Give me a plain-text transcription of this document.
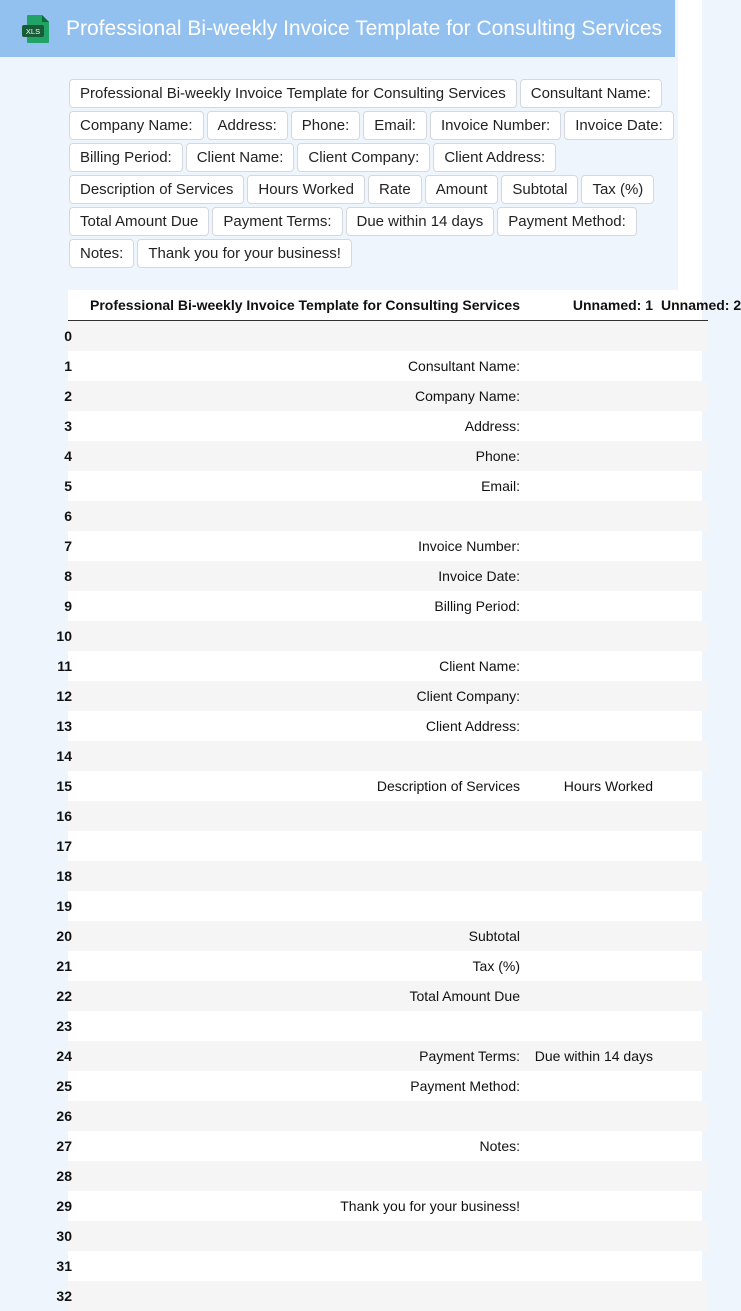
XLS Professional Bi-weekly Invoice Template for Consulting Services
Professional Bi-weekly Invoice Template for Consulting Services	Consultant Name:
Company Name:	Address:	Phone:	Email:	Invoice Number:	Invoice Date:
Billing Period:	Client Name:	Client Company:	Client Address:
Description of Services	Hours Worked	Rate	Amount	Subtotal	Tax (%)
Total Amount Due	Payment Terms:	Due within 14 days	Payment Method:
Notes:	Thank you for your business!
	Professional Bi-weekly Invoice Template for Consulting Services	Unnamed: 1	Unnamed: 2

0			

1	Consultant Name:		

2	Company Name:		

3	Address:		

4	Phone:		

5	Email:		

6			

7	Invoice Number:		

8	Invoice Date:		

9	Billing Period:		

10			

11	Client Name:		

12	Client Company:		

13	Client Address:		

14			

15	Description of Services	Hours Worked	

16			

17			

18			

19			

20	Subtotal		

21	Tax (%)		

22	Total Amount Due		

23			

24	Payment Terms:	Due within 14 days	

25	Payment Method:		

26			

27	Notes:		

28			

29	Thank you for your business!		

30			

31			

32			
